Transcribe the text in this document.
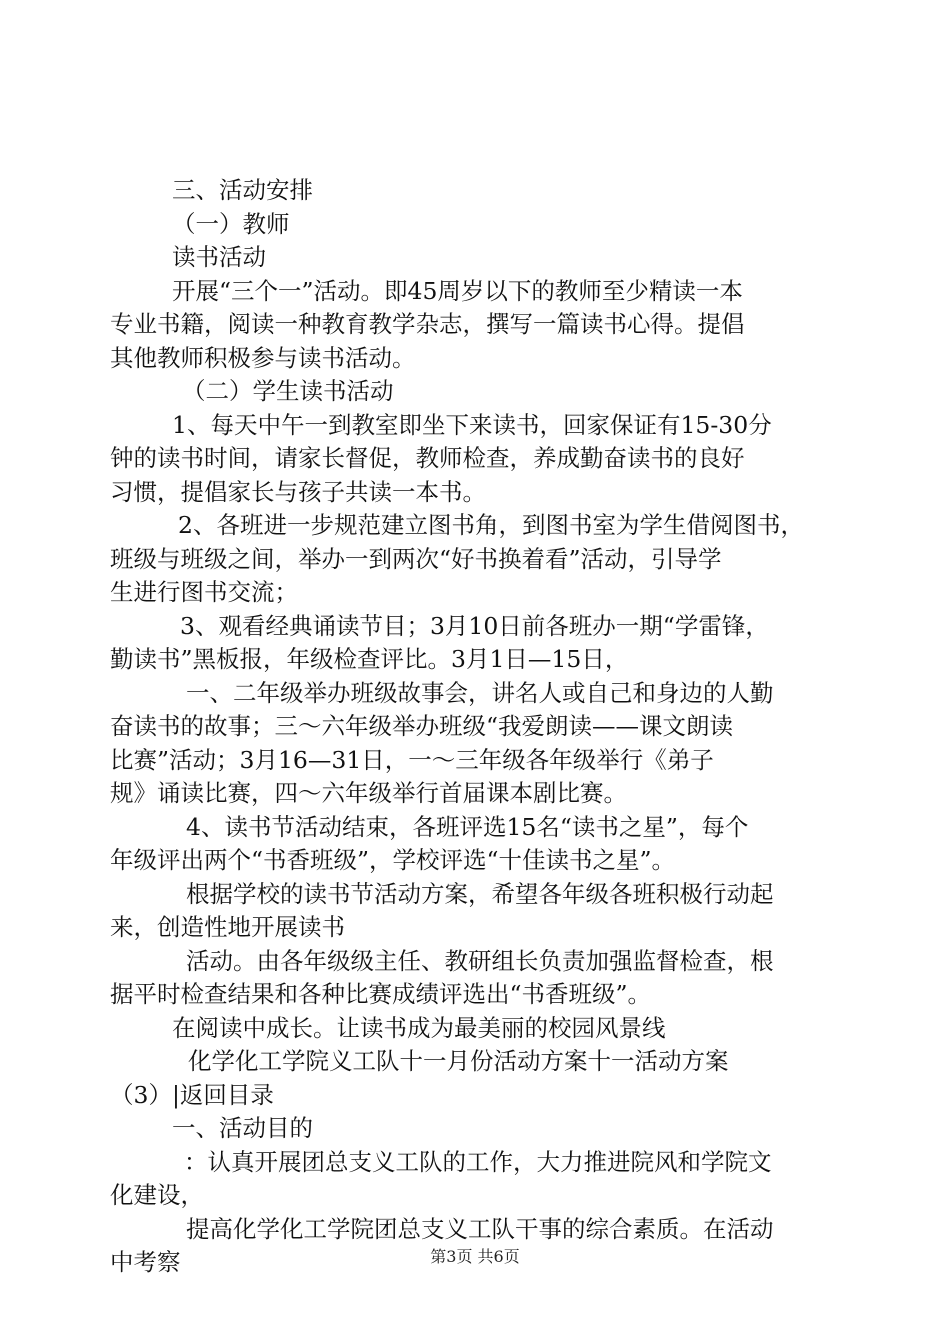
三、活动安排
（一）教师
读书活动
开展“三个一”活动。即45周岁以下的教师至少精读一本
专业书籍，阅读一种教育教学杂志，撰写一篇读书心得。提倡
其他教师积极参与读书活动。
（二）学生读书活动
1、每天中午一到教室即坐下来读书，回家保证有15-30分
钟的读书时间，请家长督促，教师检查，养成勤奋读书的良好
习惯，提倡家长与孩子共读一本书。
2、各班进一步规范建立图书角，到图书室为学生借阅图书，
班级与班级之间，举办一到两次“好书换着看”活动，引导学
生进行图书交流；
3、观看经典诵读节目；3月10日前各班办一期“学雷锋，
勤读书”黑板报，年级检查评比。3月1日—15日，
一、二年级举办班级故事会，讲名人或自己和身边的人勤
奋读书的故事；三～六年级举办班级“我爱朗读——课文朗读
比赛”活动；3月16—31日，一～三年级各年级举行《弟子
规》诵读比赛，四～六年级举行首届课本剧比赛。
4、读书节活动结束，各班评选15名“读书之星”，每个
年级评出两个“书香班级”，学校评选“十佳读书之星”。
根据学校的读书节活动方案，希望各年级各班积极行动起
来，创造性地开展读书
活动。由各年级级主任、教研组长负责加强监督检查，根
据平时检查结果和各种比赛成绩评选出“书香班级”。
在阅读中成长。让读书成为最美丽的校园风景线
化学化工学院义工队十一月份活动方案十一活动方案
（3）|返回目录
一、活动目的
：认真开展团总支义工队的工作，大力推进院风和学院文
化建设，
提高化学化工学院团总支义工队干事的综合素质。在活动
中考察	第3页 共6页
